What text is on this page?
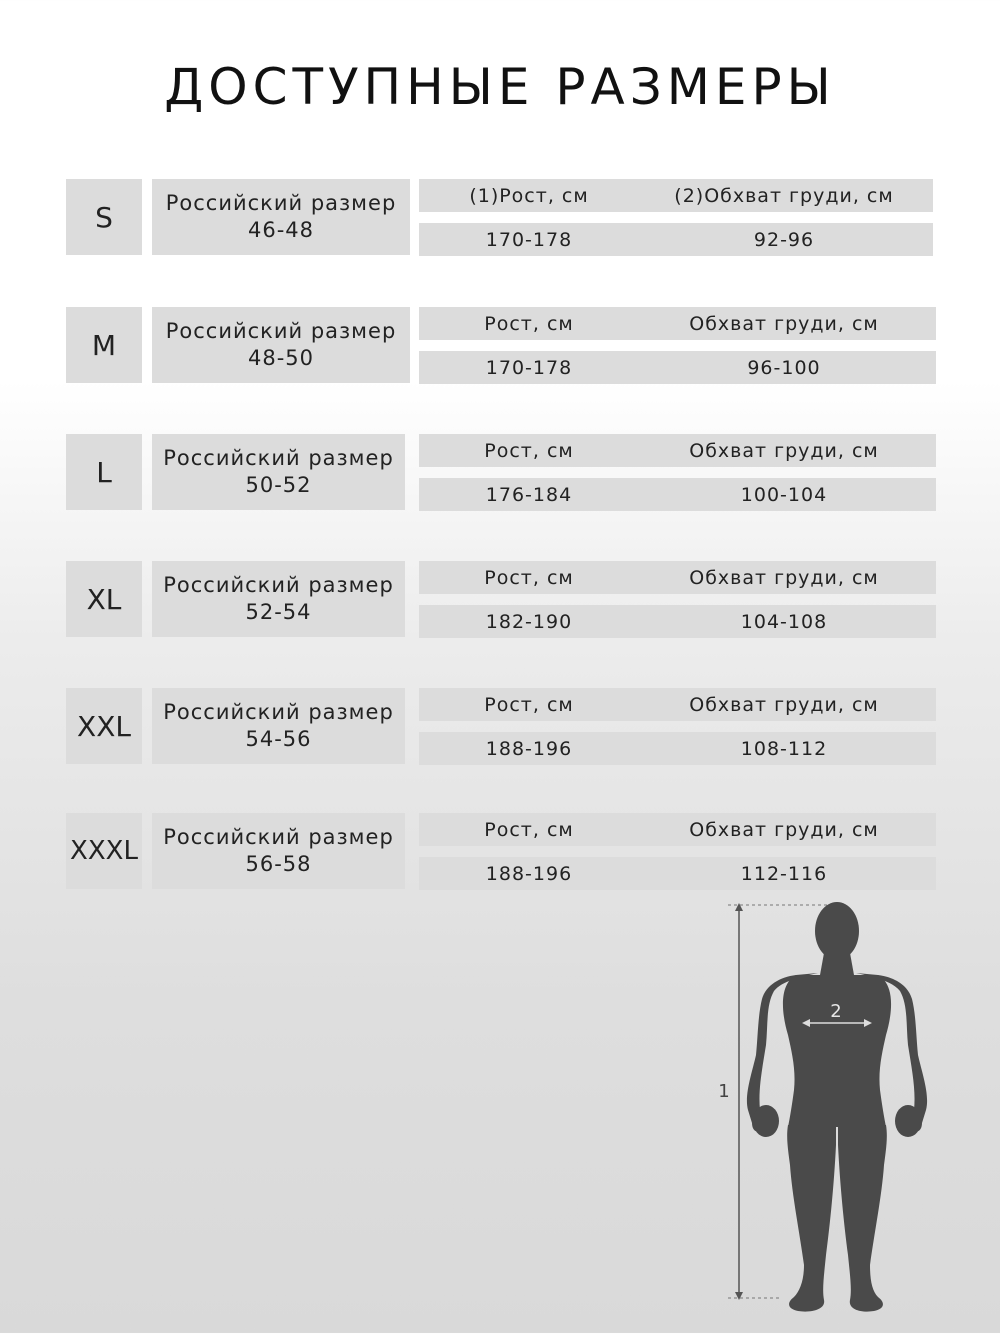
ДОСТУПНЫЕ РАЗМЕРЫ
S	Российский размер
46-48
(1)Рост, см	(2)Обхват груди, см
170-178	92-96
M	Российский размер
48-50
Рост, см	Обхват груди, см
170-178	96-100
L	Российский размер
50-52
Рост, см	Обхват груди, см
176-184	100-104
XL	Российский размер
52-54
Рост, см	Обхват груди, см
182-190	104-108
XXL	Российский размер
54-56
Рост, см	Обхват груди, см
188-196	108-112
XXXL Российский размер
56-58
Рост, см	Обхват груди, см
188-196	112-116
1
2
